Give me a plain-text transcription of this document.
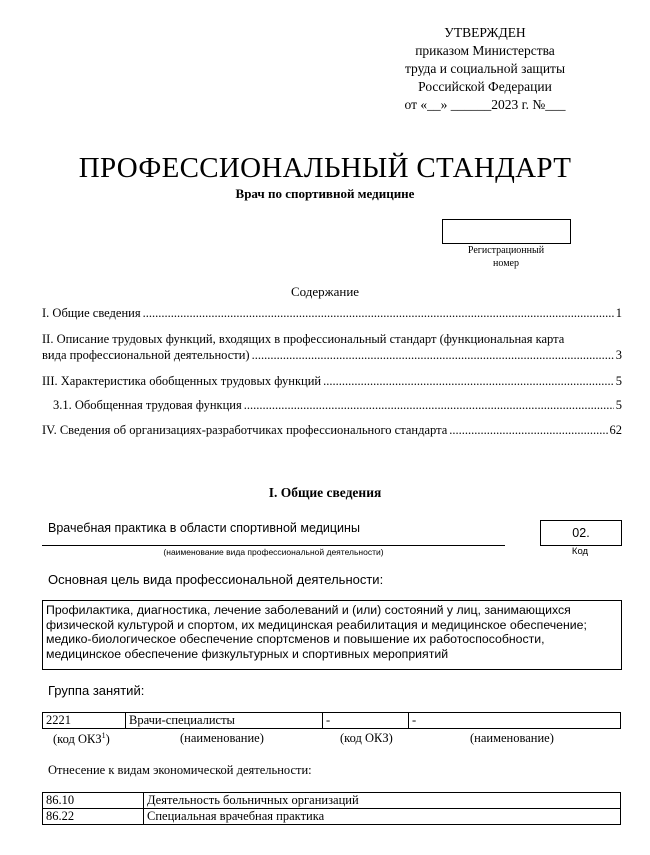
УТВЕРЖДЕН
приказом Министерства
труда и социальной защиты
Российской Федерации
от «__» ______2023 г. №___
ПРОФЕССИОНАЛЬНЫЙ СТАНДАРТ
Врач по спортивной медицине
Регистрационный
номер
Содержание
I. Общие сведения .....	1
II. Описание трудовых функций, входящих в профессиональный стандарт (функциональная карта
вида профессиональной деятельности) .....	3
III. Характеристика обобщенных трудовых функций .....	5
3.1. Обобщенная трудовая функция .....	5
IV. Сведения об организациях-разработчиках профессионального стандарта .....	62
I. Общие сведения
Врачебная практика в области спортивной медицины
(наименование вида профессиональной деятельности)
02.
Код
Основная цель вида профессиональной деятельности:
Профилактика, диагностика, лечение заболеваний и (или) состояний у лиц, занимающихся
физической культурой и спортом, их медицинская реабилитация и медицинское обеспечение;
медико-биологическое обеспечение спортсменов и повышение их работоспособности,
медицинское обеспечение физкультурных и спортивных мероприятий
Группа занятий:
2221	Врачи-специалисты	-	-
(код ОКЗ$^1$)	(наименование)	(код ОКЗ)	(наименование)
Отнесение к видам экономической деятельности:
86.10	Деятельность больничных организаций
86.22	Специальная врачебная практика
